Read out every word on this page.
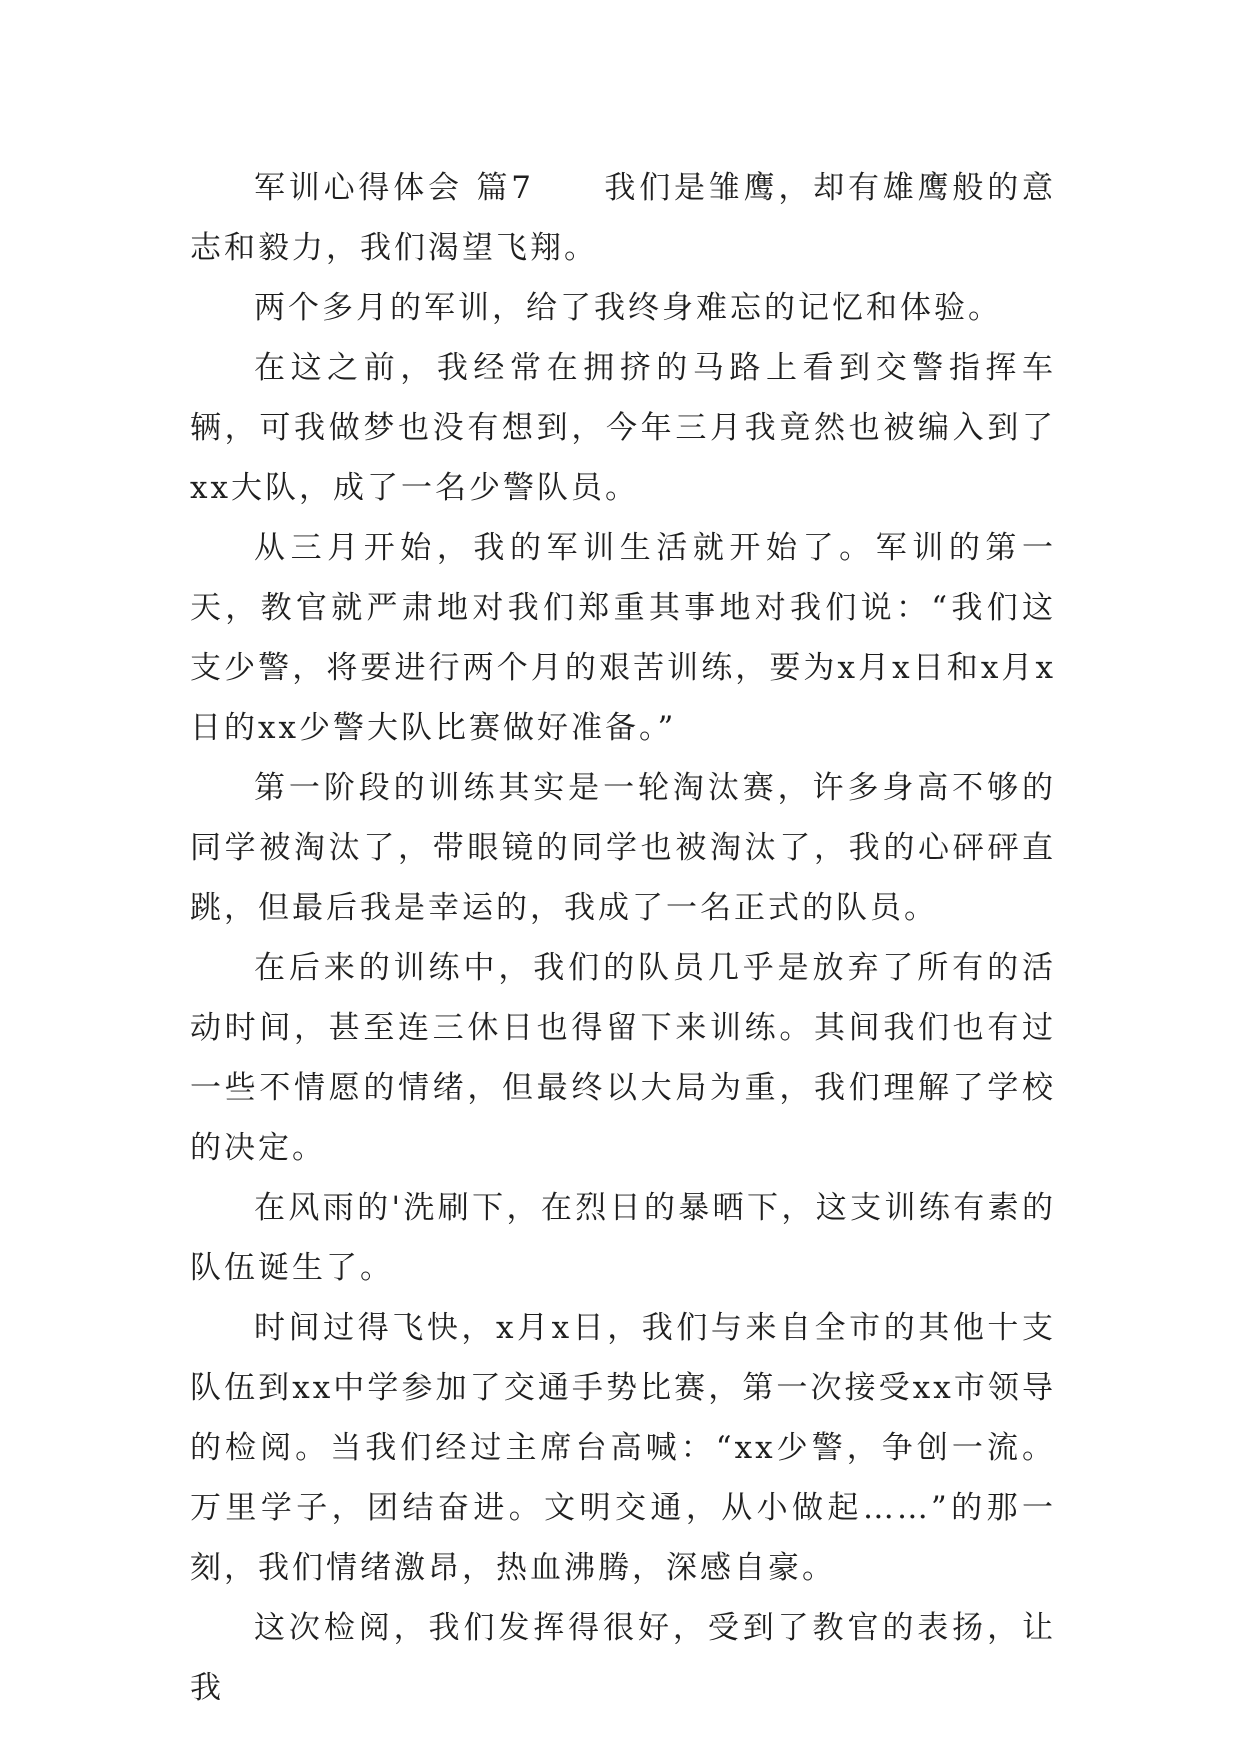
军训心得体会 篇7　　我们是雏鹰，却有雄鹰般的意志和毅力，我们渴望飞翔。

两个多月的军训，给了我终身难忘的记忆和体验。

在这之前，我经常在拥挤的马路上看到交警指挥车辆，可我做梦也没有想到，今年三月我竟然也被编入到了xx大队，成了一名少警队员。

从三月开始，我的军训生活就开始了。军训的第一天，教官就严肃地对我们郑重其事地对我们说：“我们这支少警，将要进行两个月的艰苦训练，要为x月x日和x月x日的xx少警大队比赛做好准备。”

第一阶段的训练其实是一轮淘汰赛，许多身高不够的同学被淘汰了，带眼镜的同学也被淘汰了，我的心砰砰直跳，但最后我是幸运的，我成了一名正式的队员。

在后来的训练中，我们的队员几乎是放弃了所有的活动时间，甚至连三休日也得留下来训练。其间我们也有过一些不情愿的情绪，但最终以大局为重，我们理解了学校的决定。

在风雨的'洗刷下，在烈日的暴晒下，这支训练有素的队伍诞生了。

时间过得飞快，x月x日，我们与来自全市的其他十支队伍到xx中学参加了交通手势比赛，第一次接受xx市领导的检阅。当我们经过主席台高喊：“xx少警，争创一流。万里学子，团结奋进。文明交通，从小做起……”的那一刻，我们情绪激昂，热血沸腾，深感自豪。

这次检阅，我们发挥得很好，受到了教官的表扬，让我
